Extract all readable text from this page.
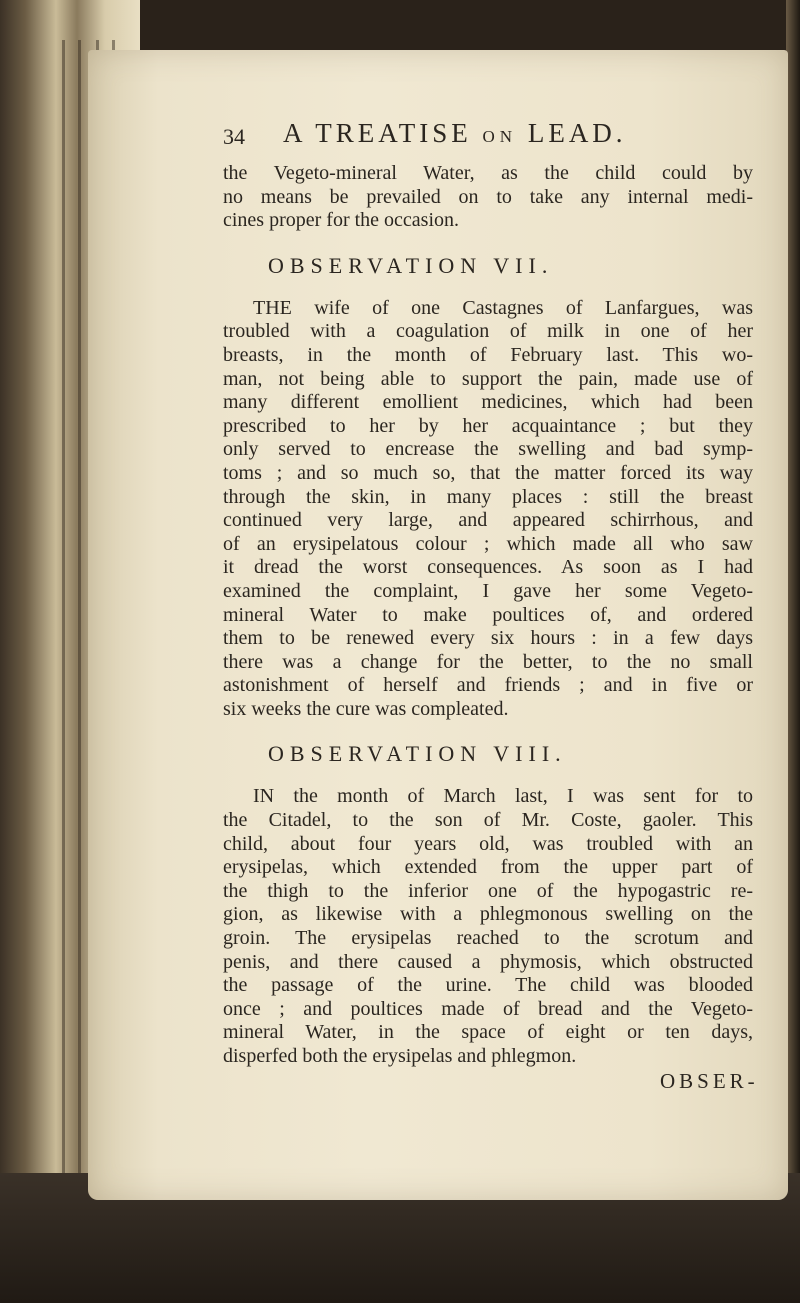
34 A TREATISE ON LEAD.
the Vegeto-mineral Water, as the child could by
no means be prevailed on to take any internal medi-
cines proper for the occasion.
OBSERVATION VII.
THE wife of one Castagnes of Lanfargues, was
troubled with a coagulation of milk in one of her
breasts, in the month of February last. This wo-
man, not being able to support the pain, made use of
many different emollient medicines, which had been
prescribed to her by her acquaintance ; but they
only served to encrease the swelling and bad symp-
toms ; and so much so, that the matter forced its way
through the skin, in many places : still the breast
continued very large, and appeared schirrhous, and
of an erysipelatous colour ; which made all who saw
it dread the worst consequences. As soon as I had
examined the complaint, I gave her some Vegeto-
mineral Water to make poultices of, and ordered
them to be renewed every six hours : in a few days
there was a change for the better, to the no small
astonishment of herself and friends ; and in five or
six weeks the cure was compleated.
OBSERVATION VIII.
IN the month of March last, I was sent for to
the Citadel, to the son of Mr. Coste, gaoler. This
child, about four years old, was troubled with an
erysipelas, which extended from the upper part of
the thigh to the inferior one of the hypogastric re-
gion, as likewise with a phlegmonous swelling on the
groin. The erysipelas reached to the scrotum and
penis, and there caused a phymosis, which obstructed
the passage of the urine. The child was blooded
once ; and poultices made of bread and the Vegeto-
mineral Water, in the space of eight or ten days,
disperfed both the erysipelas and phlegmon.
OBSER-
